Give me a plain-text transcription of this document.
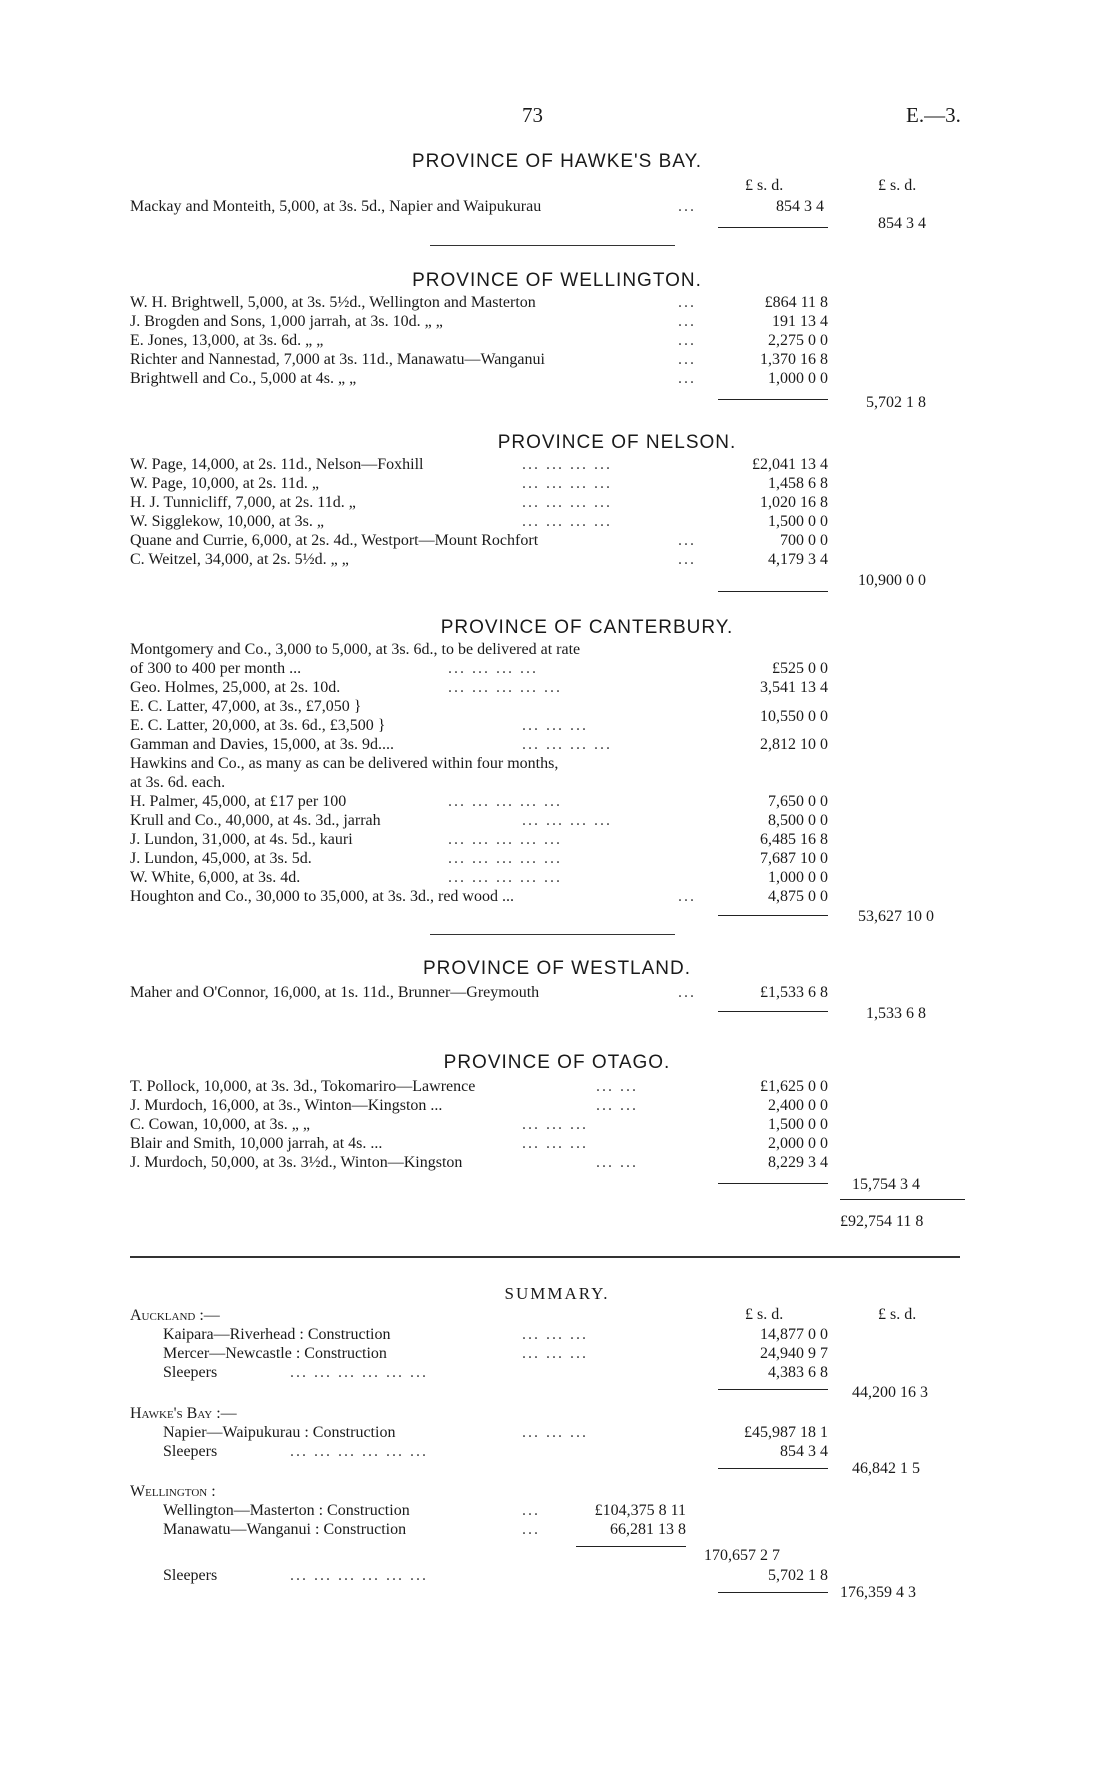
73	E.—3.
PROVINCE OF HAWKE'S BAY.
£ s. d.	£ s. d.
Mackay and Monteith, 5,000, at 3s. 5d., Napier and Waipukurau	...	854 3 4
854 3 4
PROVINCE OF WELLINGTON.
W. H. Brightwell, 5,000, at 3s. 5½d., Wellington and Masterton	...	£864 11 8
J. Brogden and Sons, 1,000 jarrah, at 3s. 10d. „ „	...	191 13 4
E. Jones, 13,000, at 3s. 6d. „ „	...	2,275 0 0
Richter and Nannestad, 7,000 at 3s. 11d., Manawatu—Wanganui	...	1,370 16 8
Brightwell and Co., 5,000 at 4s. „ „	...	1,000 0 0
5,702 1 8
PROVINCE OF NELSON.
W. Page, 14,000, at 2s. 11d., Nelson—Foxhill	... ... ... ...	£2,041 13 4
W. Page, 10,000, at 2s. 11d. „	... ... ... ...	1,458 6 8
H. J. Tunnicliff, 7,000, at 2s. 11d. „	... ... ... ...	1,020 16 8
W. Sigglekow, 10,000, at 3s. „	... ... ... ...	1,500 0 0
Quane and Currie, 6,000, at 2s. 4d., Westport—Mount Rochfort	...	700 0 0
C. Weitzel, 34,000, at 2s. 5½d. „ „	...	4,179 3 4
10,900 0 0
PROVINCE OF CANTERBURY.
Montgomery and Co., 3,000 to 5,000, at 3s. 6d., to be delivered at rate
of 300 to 400 per month ...	... ... ... ...	£525 0 0
Geo. Holmes, 25,000, at 2s. 10d.	... ... ... ... ...	3,541 13 4
E. C. Latter, 47,000, at 3s., £7,050 }
E. C. Latter, 20,000, at 3s. 6d., £3,500 }	... ... ...
10,550 0 0
Gamman and Davies, 15,000, at 3s. 9d....	... ... ... ...	2,812 10 0
Hawkins and Co., as many as can be delivered within four months,
at 3s. 6d. each.
H. Palmer, 45,000, at £17 per 100	... ... ... ... ...	7,650 0 0
Krull and Co., 40,000, at 4s. 3d., jarrah	... ... ... ...	8,500 0 0
J. Lundon, 31,000, at 4s. 5d., kauri	... ... ... ... ...	6,485 16 8
J. Lundon, 45,000, at 3s. 5d.	... ... ... ... ...	7,687 10 0
W. White, 6,000, at 3s. 4d.	... ... ... ... ...	1,000 0 0
Houghton and Co., 30,000 to 35,000, at 3s. 3d., red wood ...	...	4,875 0 0
53,627 10 0
PROVINCE OF WESTLAND.
Maher and O'Connor, 16,000, at 1s. 11d., Brunner—Greymouth	...	£1,533 6 8
1,533 6 8
PROVINCE OF OTAGO.
T. Pollock, 10,000, at 3s. 3d., Tokomariro—Lawrence	... ...	£1,625 0 0
J. Murdoch, 16,000, at 3s., Winton—Kingston ...	... ...	2,400 0 0
C. Cowan, 10,000, at 3s. „ „	... ... ...	1,500 0 0
Blair and Smith, 10,000 jarrah, at 4s. ...	... ... ...	2,000 0 0
J. Murdoch, 50,000, at 3s. 3½d., Winton—Kingston	... ...	8,229 3 4
15,754 3 4
£92,754 11 8
SUMMARY.
£ s. d.	£ s. d.
Auckland :—
Kaipara—Riverhead : Construction	... ... ...	14,877 0 0
Mercer—Newcastle : Construction	... ... ...	24,940 9 7
Sleepers	... ... ... ... ... ...	4,383 6 8
44,200 16 3
Hawke's Bay :—
Napier—Waipukurau : Construction	... ... ...	£45,987 18 1
Sleepers	... ... ... ... ... ...	854 3 4
46,842 1 5
Wellington :
Wellington—Masterton : Construction	...	£104,375 8 11
Manawatu—Wanganui : Construction	...	66,281 13 8
170,657 2 7
Sleepers	... ... ... ... ... ...	5,702 1 8
176,359 4 3
